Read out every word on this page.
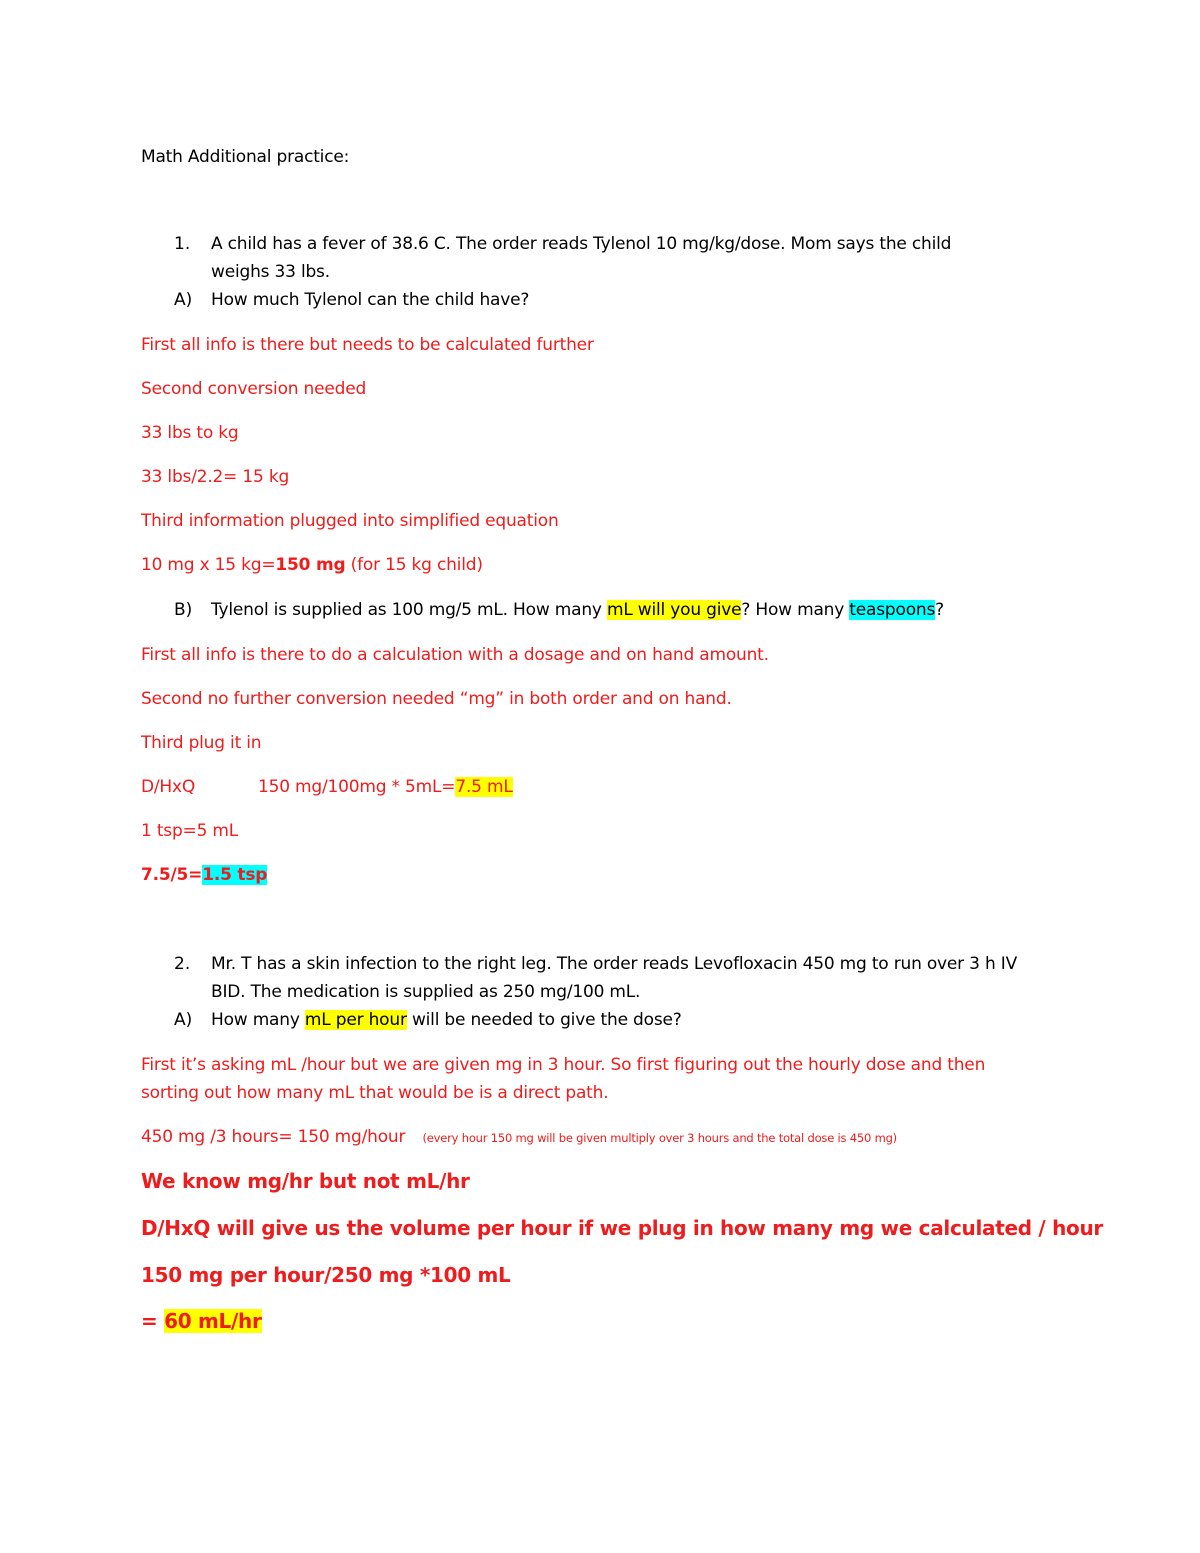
Math Additional practice:
1. A child has a fever of 38.6 C. The order reads Tylenol 10 mg/kg/dose. Mom says the child
weighs 33 lbs.
A) How much Tylenol can the child have?
First all info is there but needs to be calculated further
Second conversion needed
33 lbs to kg
33 lbs/2.2= 15 kg
Third information plugged into simplified equation
10 mg x 15 kg=150 mg (for 15 kg child)
B) Tylenol is supplied as 100 mg/5 mL. How many mL will you give? How many teaspoons?
First all info is there to do a calculation with a dosage and on hand amount.
Second no further conversion needed “mg” in both order and on hand.
Third plug it in
D/HxQ	150 mg/100mg * 5mL=7.5 mL
1 tsp=5 mL
7.5/5=1.5 tsp
2. Mr. T has a skin infection to the right leg. The order reads Levofloxacin 450 mg to run over 3 h IV
BID. The medication is supplied as 250 mg/100 mL.
A) How many mL per hour will be needed to give the dose?
First it’s asking mL /hour but we are given mg in 3 hour. So first figuring out the hourly dose and then
sorting out how many mL that would be is a direct path.
450 mg /3 hours= 150 mg/hour (every hour 150 mg will be given multiply over 3 hours and the total dose is 450 mg)
We know mg/hr but not mL/hr
D/HxQ will give us the volume per hour if we plug in how many mg we calculated / hour
150 mg per hour/250 mg *100 mL
= 60 mL/hr
